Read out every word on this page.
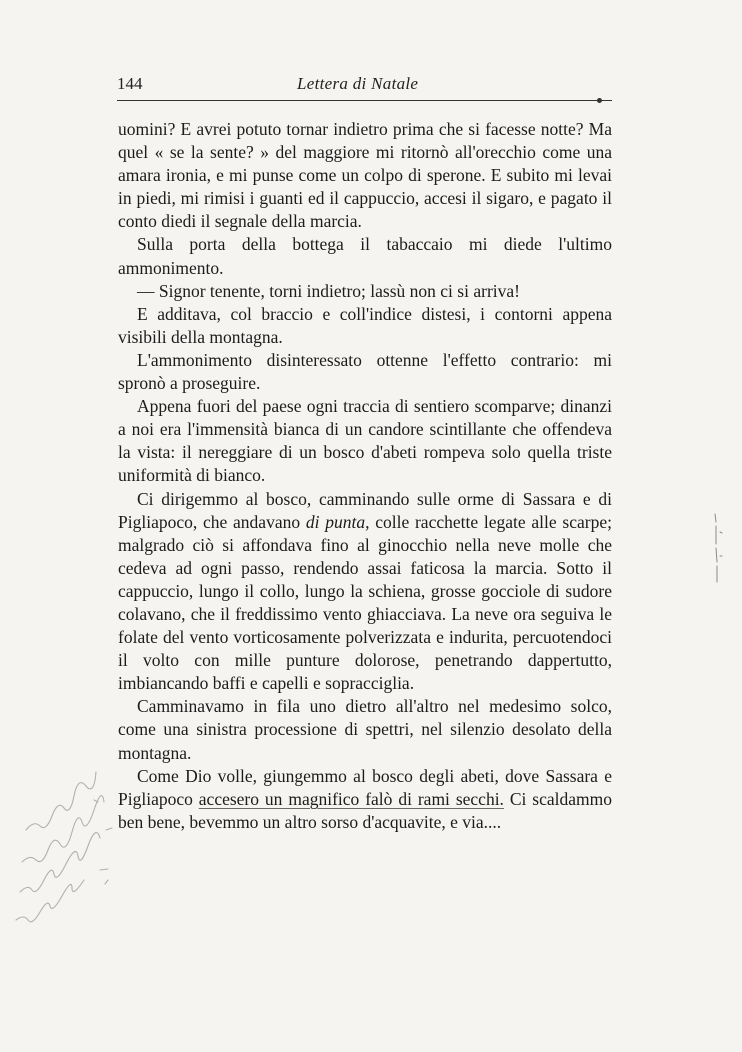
144	Lettera di Natale

uomini? E avrei potuto tornar indietro prima che si facesse notte? Ma quel « se la sente? » del maggiore mi ritornò all'orecchio come una amara ironia, e mi punse come un colpo di sperone. E subito mi levai in piedi, mi rimisi i guanti ed il cappuccio, accesi il sigaro, e pagato il conto diedi il segnale della marcia.

Sulla porta della bottega il tabaccaio mi diede l'ultimo ammonimento.

— Signor tenente, torni indietro; lassù non ci si arriva!

E additava, col braccio e coll'indice distesi, i contorni appena visibili della montagna.

L'ammonimento disinteressato ottenne l'effetto contrario: mi spronò a proseguire.

Appena fuori del paese ogni traccia di sentiero scomparve; dinanzi a noi era l'immensità bianca di un candore scintillante che offendeva la vista: il nereggiare di un bosco d'abeti rompeva solo quella triste uniformità di bianco.

Ci dirigemmo al bosco, camminando sulle orme di Sassara e di Pigliapoco, che andavano di punta, colle racchette legate alle scarpe; malgrado ciò si affondava fino al ginocchio nella neve molle che cedeva ad ogni passo, rendendo assai faticosa la marcia. Sotto il cappuccio, lungo il collo, lungo la schiena, grosse gocciole di sudore colavano, che il freddissimo vento ghiacciava. La neve ora seguiva le folate del vento vorticosamente polverizzata e indurita, percuotendoci il volto con mille punture dolorose, penetrando dappertutto, imbiancando baffi e capelli e sopracciglia.

Camminavamo in fila uno dietro all'altro nel medesimo solco, come una sinistra processione di spettri, nel silenzio desolato della montagna.

Come Dio volle, giungemmo al bosco degli abeti, dove Sassara e Pigliapoco accesero un magnifico falò di rami secchi. Ci scaldammo ben bene, bevemmo un altro sorso d'acquavite, e via....
